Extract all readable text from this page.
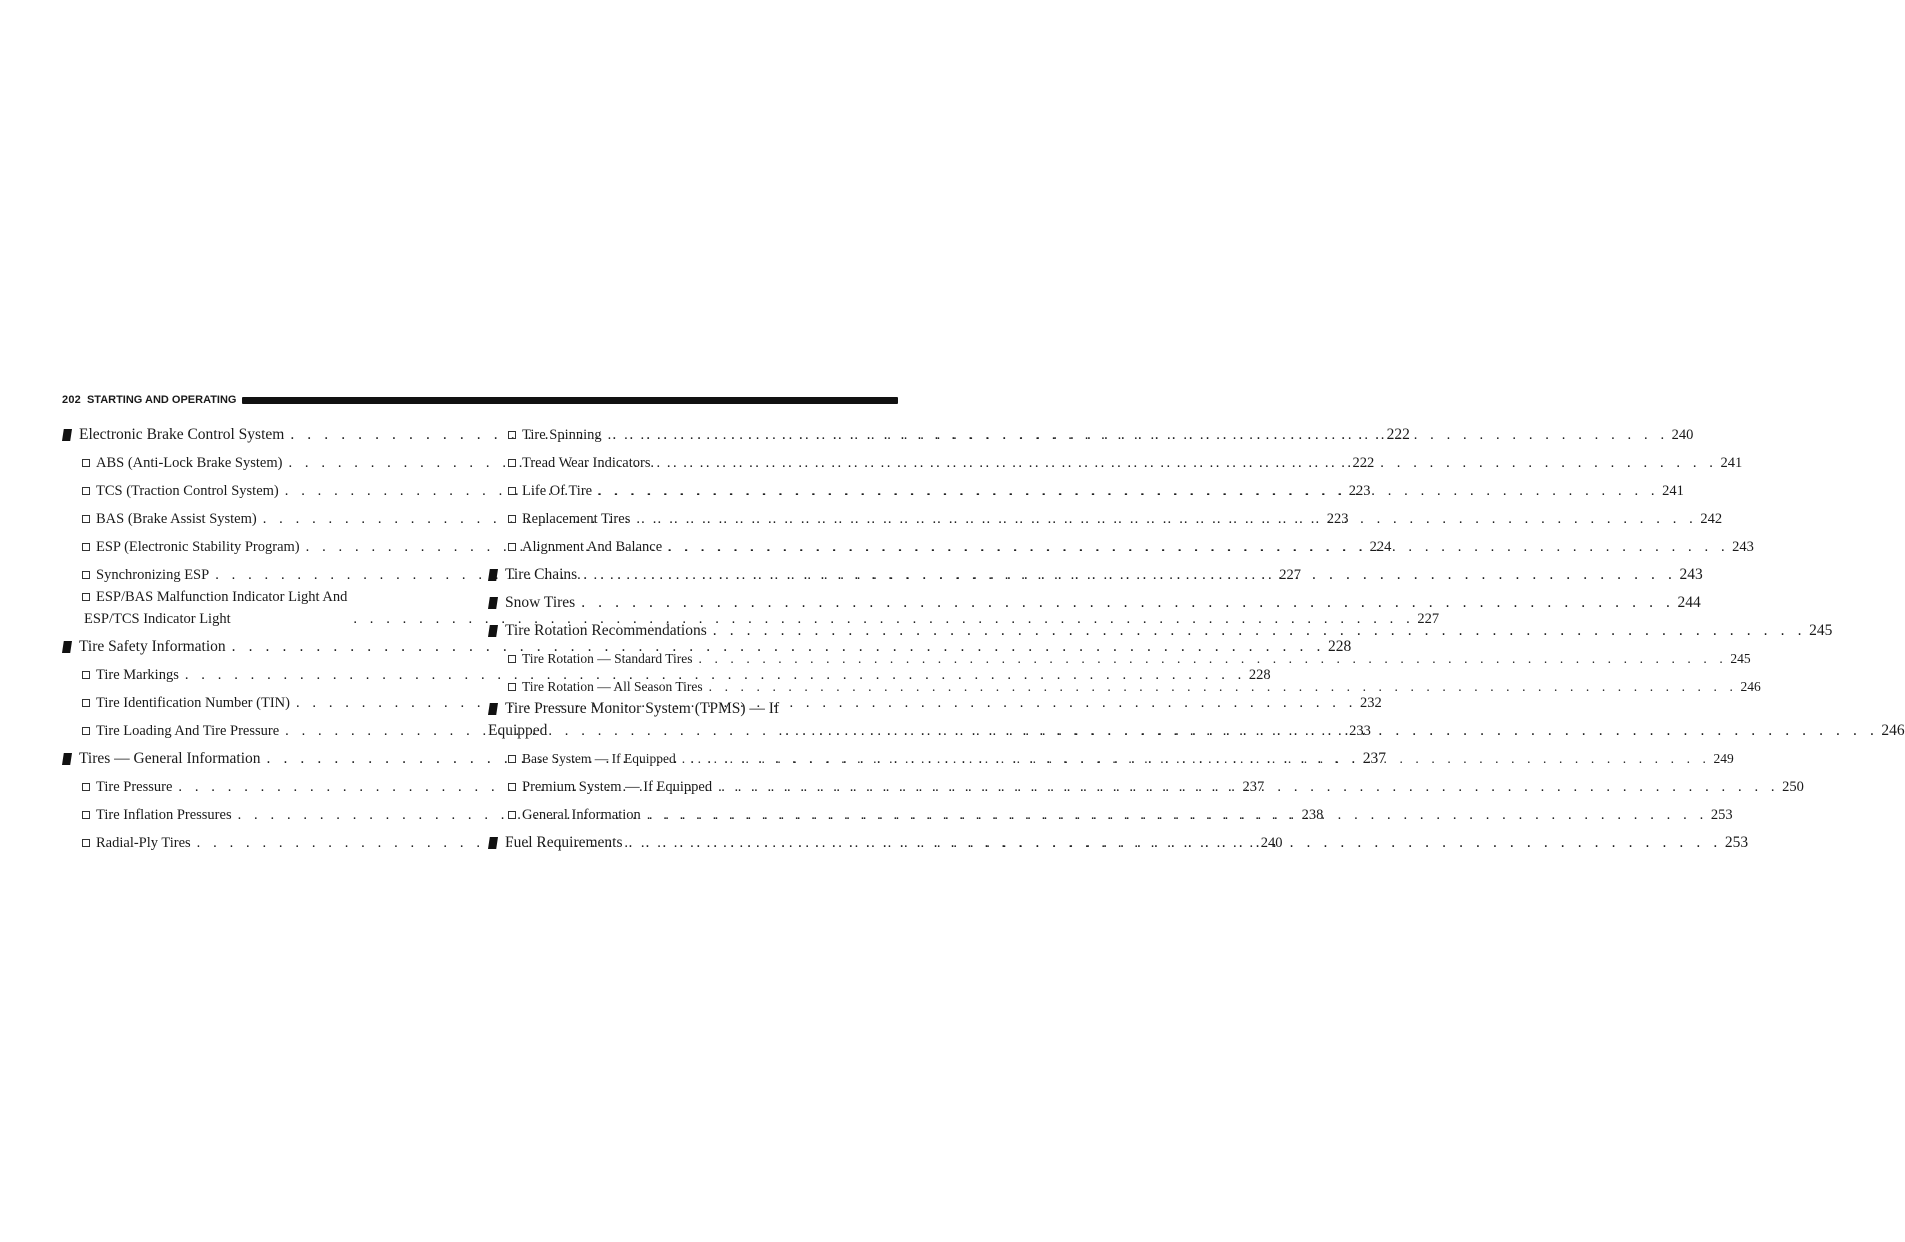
202 STARTING AND OPERATING
Electronic Brake Control System . . .	222
ABS (Anti-Lock Brake System) . . .	222
TCS (Traction Control System) . . .	223
BAS (Brake Assist System) . . .	223
ESP (Electronic Stability Program) . . .	224
Synchronizing ESP . . .	227
ESP/BAS Malfunction Indicator Light And
ESP/TCS Indicator Light . . .	227
Tire Safety Information . . .	228
Tire Markings . . .	228
Tire Identification Number (TIN) . . .	232
Tire Loading And Tire Pressure . . .	233
Tires — General Information . . .	237
Tire Pressure . . .	237
Tire Inflation Pressures . . .	238
Radial-Ply Tires . . .	240
Tire Spinning . . .	240
Tread Wear Indicators . . .	241
Life Of Tire . . .	241
Replacement Tires . . .	242
Alignment And Balance . . .	243
Tire Chains . . .	243
Snow Tires . . .	244
Tire Rotation Recommendations . . .	245
Tire Rotation — Standard Tires . . .	245
Tire Rotation — All Season Tires . . .	246
Tire Pressure Monitor System (TPMS) — If
Equipped . . .	246
Base System — If Equipped . . .	249
Premium System — If Equipped . . .	250
General Information . . .	253
Fuel Requirements . . .	253
